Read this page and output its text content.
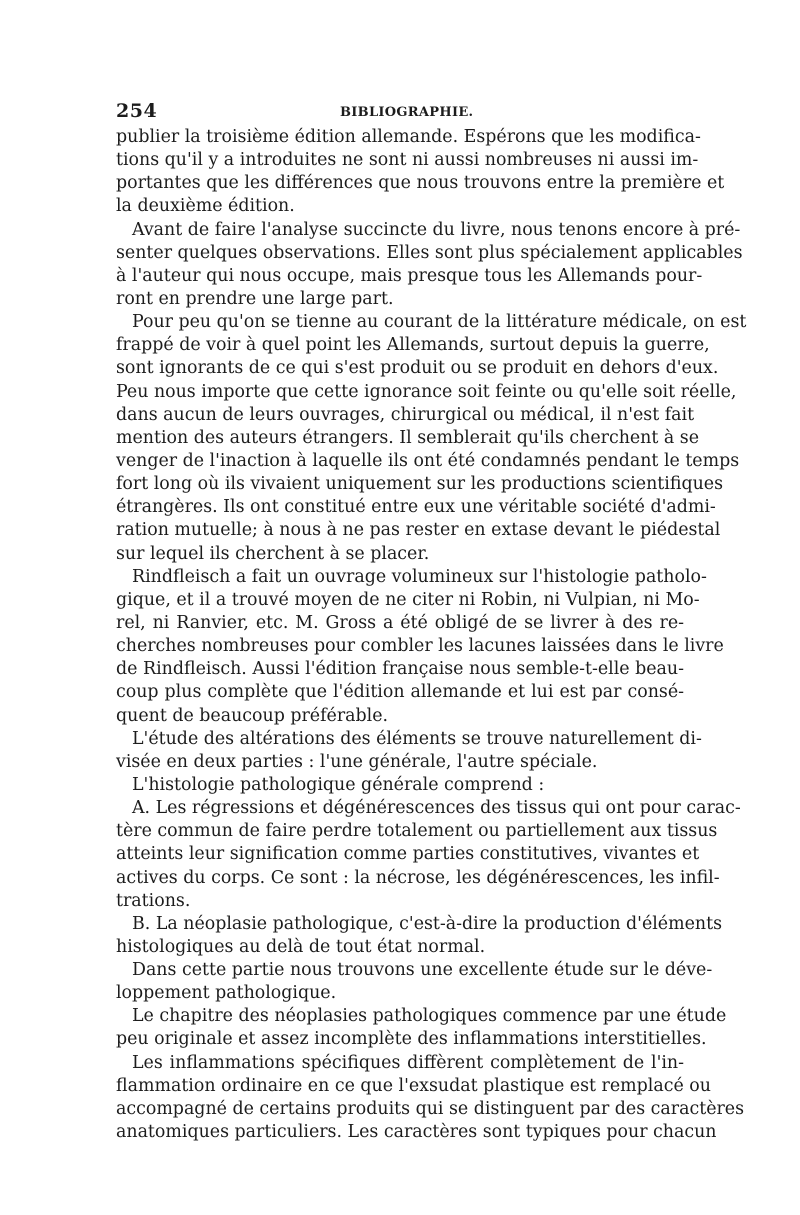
254	BIBLIOGRAPHIE.
publier la troisième édition allemande. Espérons que les modifica-
tions qu'il y a introduites ne sont ni aussi nombreuses ni aussi im-
portantes que les différences que nous trouvons entre la première et
la deuxième édition.
Avant de faire l'analyse succincte du livre, nous tenons encore à pré-
senter quelques observations. Elles sont plus spécialement applicables
à l'auteur qui nous occupe, mais presque tous les Allemands pour-
ront en prendre une large part.
Pour peu qu'on se tienne au courant de la littérature médicale, on est
frappé de voir à quel point les Allemands, surtout depuis la guerre,
sont ignorants de ce qui s'est produit ou se produit en dehors d'eux.
Peu nous importe que cette ignorance soit feinte ou qu'elle soit réelle,
dans aucun de leurs ouvrages, chirurgical ou médical, il n'est fait
mention des auteurs étrangers. Il semblerait qu'ils cherchent à se
venger de l'inaction à laquelle ils ont été condamnés pendant le temps
fort long où ils vivaient uniquement sur les productions scientifiques
étrangères. Ils ont constitué entre eux une véritable société d'admi-
ration mutuelle; à nous à ne pas rester en extase devant le piédestal
sur lequel ils cherchent à se placer.
Rindfleisch a fait un ouvrage volumineux sur l'histologie patholo-
gique, et il a trouvé moyen de ne citer ni Robin, ni Vulpian, ni Mo-
rel, ni Ranvier, etc. M. Gross a été obligé de se livrer à des re-
cherches nombreuses pour combler les lacunes laissées dans le livre
de Rindfleisch. Aussi l'édition française nous semble-t-elle beau-
coup plus complète que l'édition allemande et lui est par consé-
quent de beaucoup préférable.
L'étude des altérations des éléments se trouve naturellement di-
visée en deux parties : l'une générale, l'autre spéciale.
L'histologie pathologique générale comprend :
A. Les régressions et dégénérescences des tissus qui ont pour carac-
tère commun de faire perdre totalement ou partiellement aux tissus
atteints leur signification comme parties constitutives, vivantes et
actives du corps. Ce sont : la nécrose, les dégénérescences, les infil-
trations.
B. La néoplasie pathologique, c'est-à-dire la production d'éléments
histologiques au delà de tout état normal.
Dans cette partie nous trouvons une excellente étude sur le déve-
loppement pathologique.
Le chapitre des néoplasies pathologiques commence par une étude
peu originale et assez incomplète des inflammations interstitielles.
Les inflammations spécifiques diffèrent complètement de l'in-
flammation ordinaire en ce que l'exsudat plastique est remplacé ou
accompagné de certains produits qui se distinguent par des caractères
anatomiques particuliers. Les caractères sont typiques pour chacun
